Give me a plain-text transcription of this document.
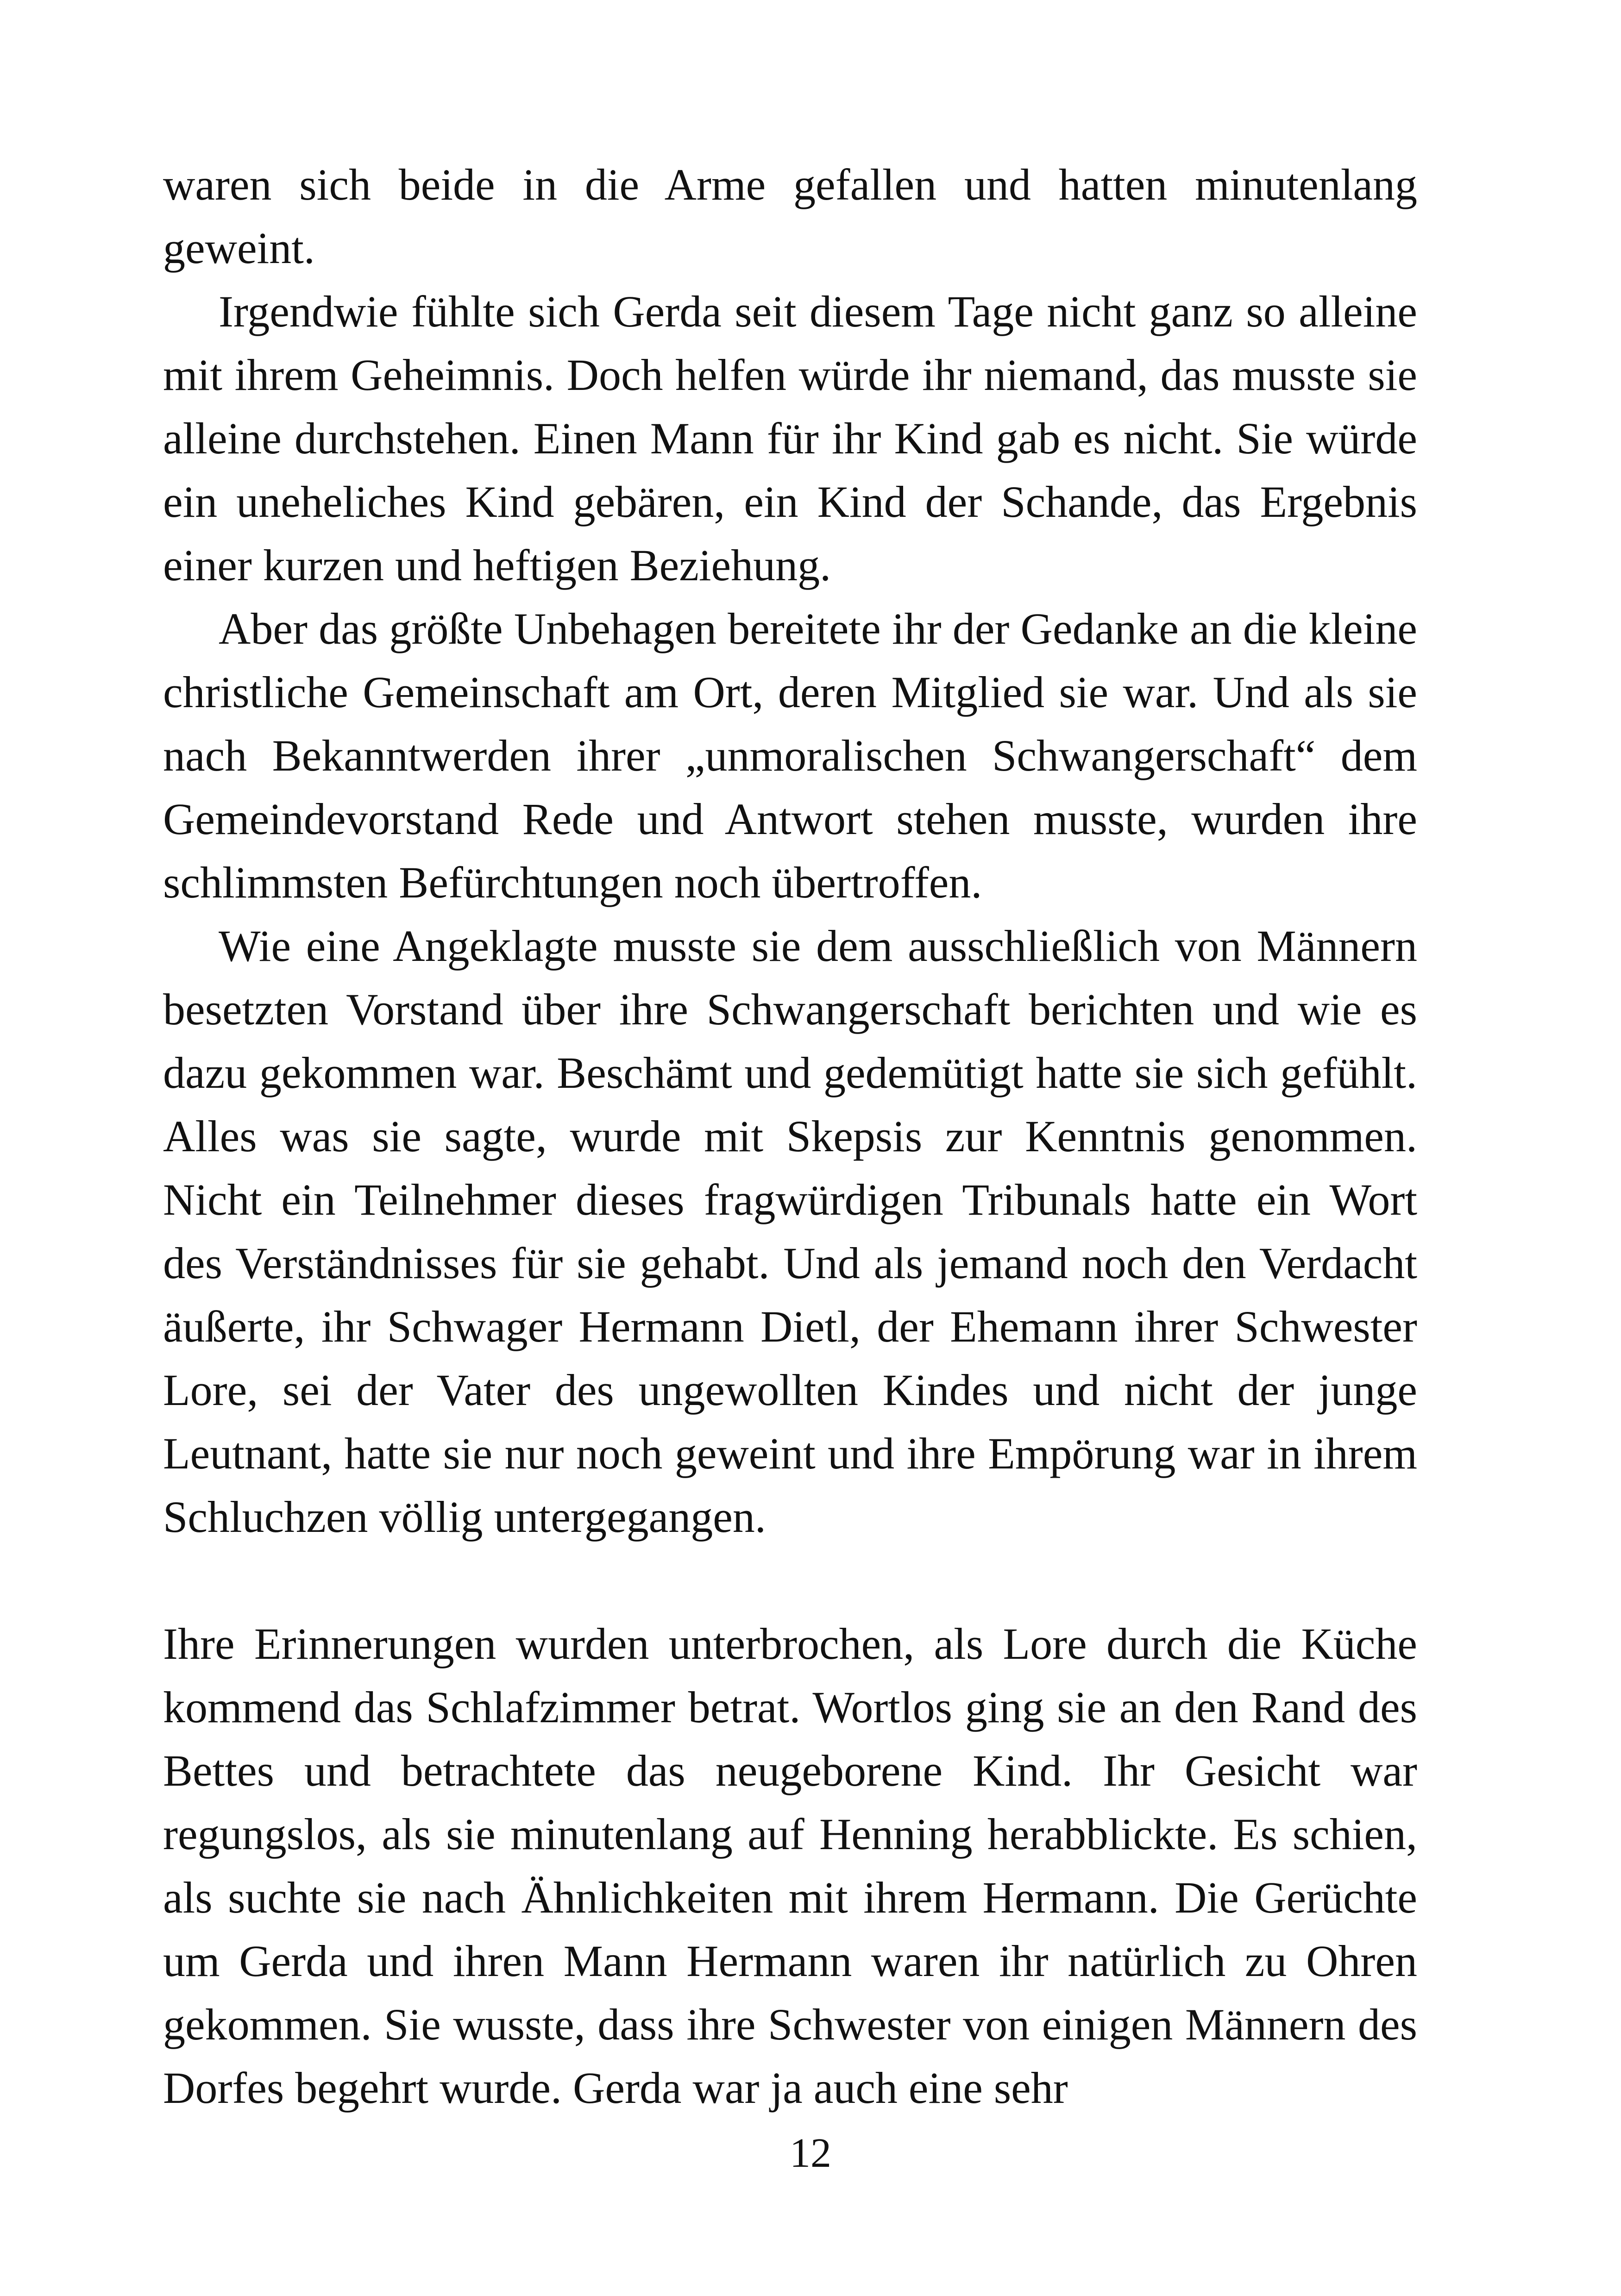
waren sich beide in die Arme gefallen und hatten minutenlang geweint.

Irgendwie fühlte sich Gerda seit diesem Tage nicht ganz so alleine mit ihrem Geheimnis. Doch helfen würde ihr niemand, das musste sie alleine durchstehen. Einen Mann für ihr Kind gab es nicht. Sie würde ein uneheliches Kind gebären, ein Kind der Schande, das Ergebnis einer kurzen und heftigen Beziehung.

Aber das größte Unbehagen bereitete ihr der Gedanke an die kleine christliche Gemeinschaft am Ort, deren Mitglied sie war. Und als sie nach Bekanntwerden ihrer „unmoralischen Schwangerschaft“ dem Gemeindevorstand Rede und Antwort stehen musste, wurden ihre schlimmsten Befürchtungen noch übertroffen.

Wie eine Angeklagte musste sie dem ausschließlich von Männern besetzten Vorstand über ihre Schwangerschaft berichten und wie es dazu gekommen war. Beschämt und gedemütigt hatte sie sich gefühlt. Alles was sie sagte, wurde mit Skepsis zur Kenntnis genommen. Nicht ein Teilnehmer dieses fragwürdigen Tribunals hatte ein Wort des Verständnisses für sie gehabt. Und als jemand noch den Verdacht äußerte, ihr Schwager Hermann Dietl, der Ehemann ihrer Schwester Lore, sei der Vater des ungewollten Kindes und nicht der junge Leutnant, hatte sie nur noch geweint und ihre Empörung war in ihrem Schluchzen völlig untergegangen.

Ihre Erinnerungen wurden unterbrochen, als Lore durch die Küche kommend das Schlafzimmer betrat. Wortlos ging sie an den Rand des Bettes und betrachtete das neugeborene Kind. Ihr Gesicht war regungslos, als sie minutenlang auf Henning herabblickte. Es schien, als suchte sie nach Ähnlichkeiten mit ihrem Hermann. Die Gerüchte um Gerda und ihren Mann Hermann waren ihr natürlich zu Ohren gekommen. Sie wusste, dass ihre Schwester von einigen Männern des Dorfes begehrt wurde. Gerda war ja auch eine sehr

12
